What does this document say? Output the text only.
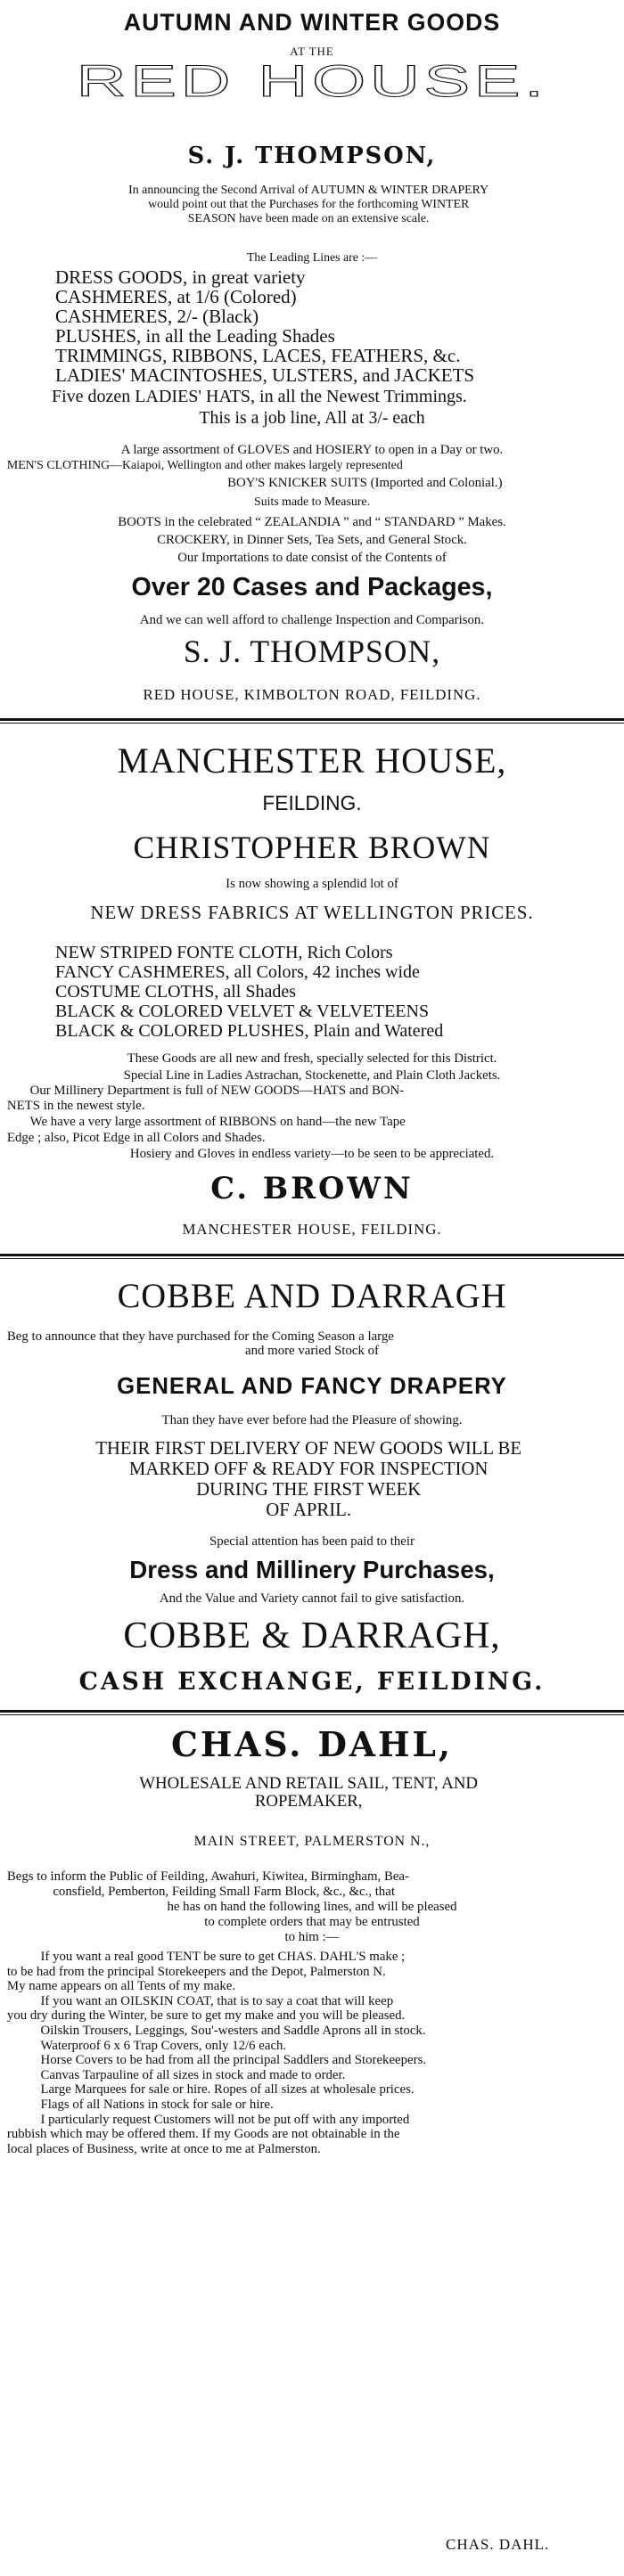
AUTUMN AND WINTER GOODS
AT THE
RED HOUSE.
S. J. THOMPSON,
In announcing the Second Arrival of AUTUMN & WINTER DRAPERY
would point out that the Purchases for the forthcoming WINTER
SEASON have been made on an extensive scale.
The Leading Lines are :—
DRESS GOODS, in great variety
CASHMERES, at 1/6 (Colored)
CASHMERES, 2/- (Black)
PLUSHES, in all the Leading Shades
TRIMMINGS, RIBBONS, LACES, FEATHERS, &c.
LADIES' MACINTOSHES, ULSTERS, and JACKETS
Five dozen LADIES' HATS, in all the Newest Trimmings.
This is a job line, All at 3/- each
A large assortment of GLOVES and HOSIERY to open in a Day or two.
MEN'S CLOTHING—Kaiapoi, Wellington and other makes largely represented
BOY'S KNICKER SUITS (Imported and Colonial.)
Suits made to Measure.
BOOTS in the celebrated “ ZEALANDIA ” and “ STANDARD ” Makes.
CROCKERY, in Dinner Sets, Tea Sets, and General Stock.
Our Importations to date consist of the Contents of
Over 20 Cases and Packages,
And we can well afford to challenge Inspection and Comparison.
S. J. THOMPSON,
RED HOUSE, KIMBOLTON ROAD, FEILDING.
MANCHESTER HOUSE,
FEILDING.
CHRISTOPHER BROWN
Is now showing a splendid lot of
NEW DRESS FABRICS AT WELLINGTON PRICES.
NEW STRIPED FONTE CLOTH, Rich Colors
FANCY CASHMERES, all Colors, 42 inches wide
COSTUME CLOTHS, all Shades
BLACK & COLORED VELVET & VELVETEENS
BLACK & COLORED PLUSHES, Plain and Watered
These Goods are all new and fresh, specially selected for this District.
Special Line in Ladies Astrachan, Stockenette, and Plain Cloth Jackets.
Our Millinery Department is full of NEW GOODS—HATS and BON-
NETS in the newest style.
We have a very large assortment of RIBBONS on hand—the new Tape
Edge ; also, Picot Edge in all Colors and Shades.
Hosiery and Gloves in endless variety—to be seen to be appreciated.
C. BROWN
MANCHESTER HOUSE, FEILDING.
COBBE AND DARRAGH
Beg to announce that they have purchased for the Coming Season a large
and more varied Stock of
GENERAL AND FANCY DRAPERY
Than they have ever before had the Pleasure of showing.
THEIR FIRST DELIVERY OF NEW GOODS WILL BE
MARKED OFF & READY FOR INSPECTION
DURING THE FIRST WEEK
OF APRIL.
Special attention has been paid to their
Dress and Millinery Purchases,
And the Value and Variety cannot fail to give satisfaction.
COBBE & DARRAGH,
CASH EXCHANGE, FEILDING.
CHAS. DAHL,
WHOLESALE AND RETAIL SAIL, TENT, AND
ROPEMAKER,
MAIN STREET, PALMERSTON N.,
Begs to inform the Public of Feilding, Awahuri, Kiwitea, Birmingham, Bea-
consfield, Pemberton, Feilding Small Farm Block, &c., &c., that
he has on hand the following lines, and will be pleased
to complete orders that may be entrusted
to him :—
If you want a real good TENT be sure to get CHAS. DAHL'S make ;
to be had from the principal Storekeepers and the Depot, Palmerston N.
My name appears on all Tents of my make.
If you want an OILSKIN COAT, that is to say a coat that will keep
you dry during the Winter, be sure to get my make and you will be pleased.
Oilskin Trousers, Leggings, Sou'-westers and Saddle Aprons all in stock.
Waterproof 6 x 6 Trap Covers, only 12/6 each.
Horse Covers to be had from all the principal Saddlers and Storekeepers.
Canvas Tarpauline of all sizes in stock and made to order.
Large Marquees for sale or hire. Ropes of all sizes at wholesale prices.
Flags of all Nations in stock for sale or hire.
I particularly request Customers will not be put off with any imported
rubbish which may be offered them. If my Goods are not obtainable in the
local places of Business, write at once to me at Palmerston.
CHAS. DAHL.
